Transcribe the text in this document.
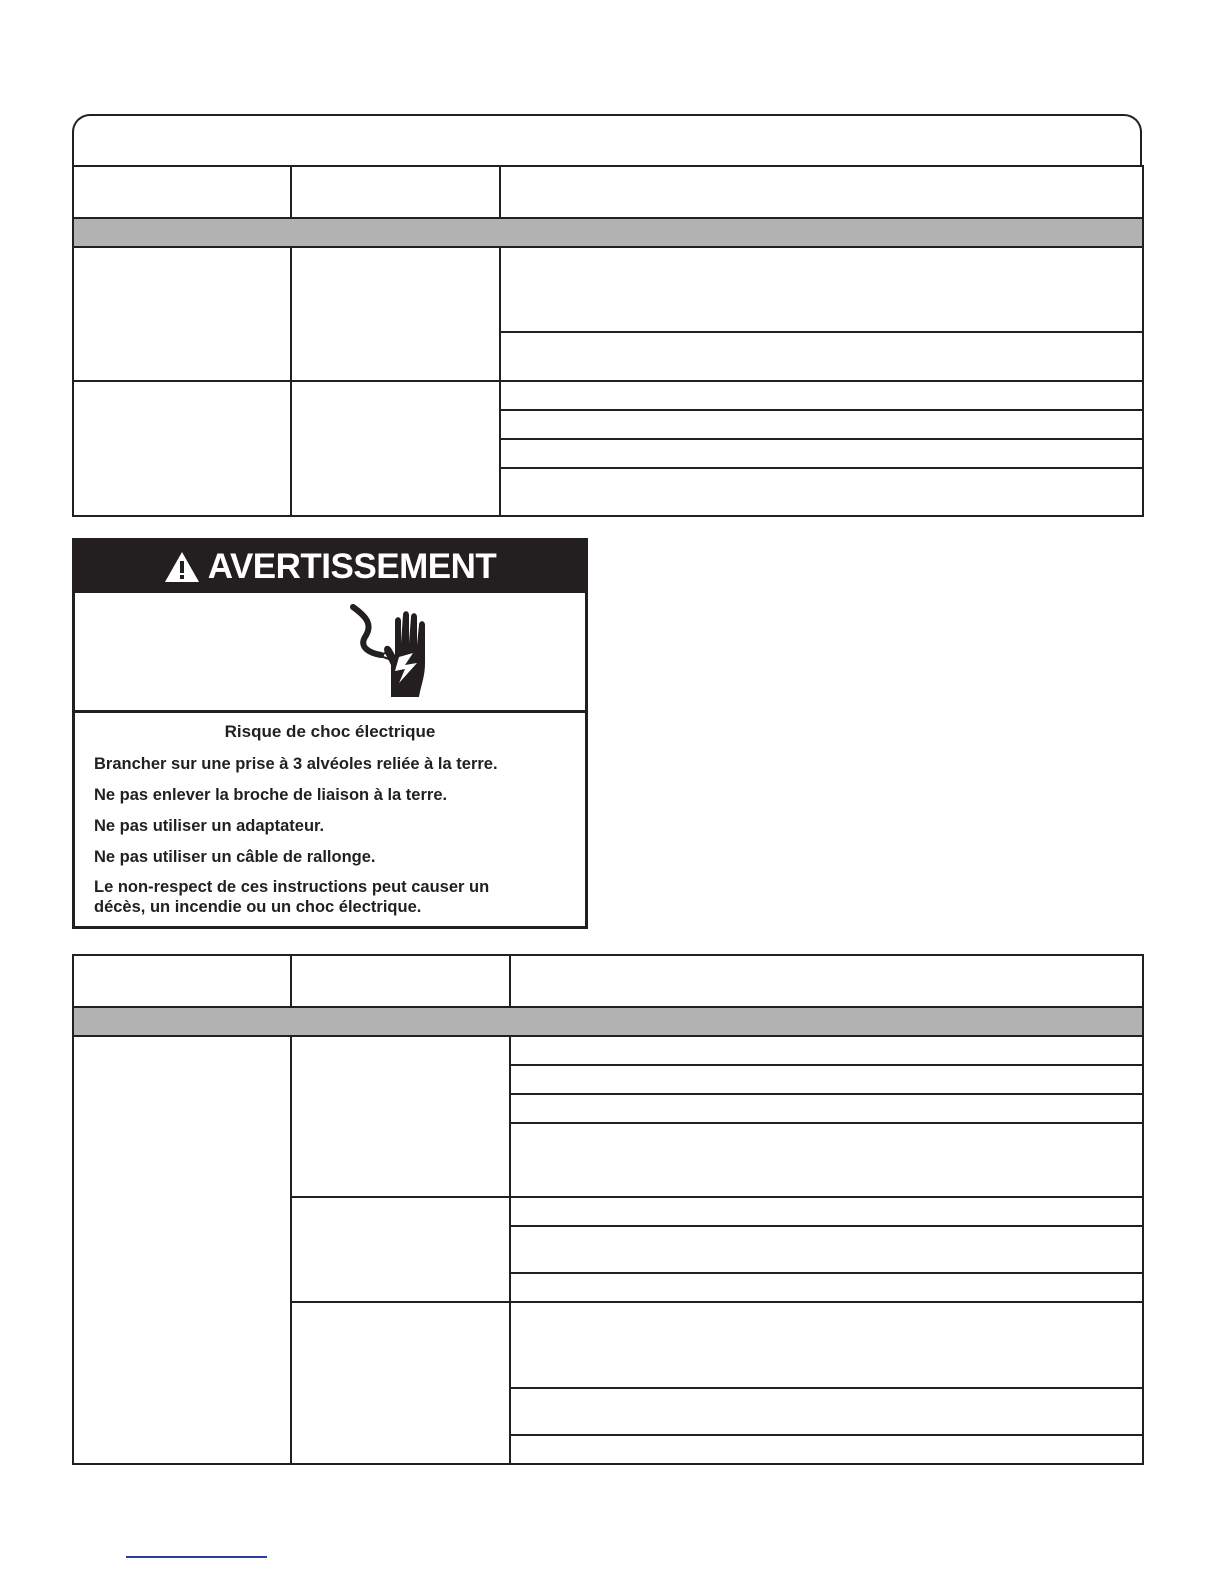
AVERTISSEMENT
Risque de choc électrique
Brancher sur une prise à 3 alvéoles reliée à la terre.
Ne pas enlever la broche de liaison à la terre.
Ne pas utiliser un adaptateur.
Ne pas utiliser un câble de rallonge.
Le non-respect de ces instructions peut causer un décès, un incendie ou un choc électrique.
